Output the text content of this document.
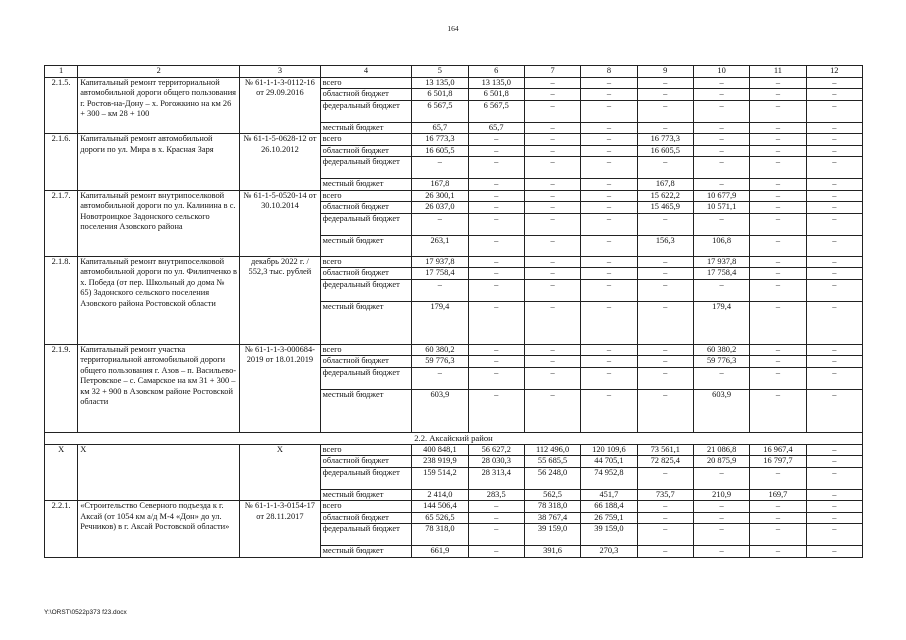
164
1	2	3	4	5	6	7	8	9	10	11	12
2.1.5.	Капитальный ремонт территориальной автомобильной дороги общего пользования г. Ростов-на-Дону – х. Рогожкино на км 26 + 300 – км 28 + 100	№ 61-1-1-3-0112-16 от 29.09.2016	всего	13 135,0	13 135,0	–	–	–	–	–	–
			областной бюджет	6 501,8	6 501,8	–	–	–	–	–	–
			федеральный бюджет	6 567,5	6 567,5	–	–	–	–	–	–
			местный бюджет	65,7	65,7	–	–	–	–	–	–
2.1.6.	Капитальный ремонт автомобильной дороги по ул. Мира в х. Красная Заря	№ 61-1-5-0628-12 от 26.10.2012	всего	16 773,3	–	–	–	16 773,3	–	–	–
			областной бюджет	16 605,5	–	–	–	16 605,5	–	–	–
			федеральный бюджет	–	–	–	–	–	–	–	–
			местный бюджет	167,8	–	–	–	167,8	–	–	–
2.1.7.	Капитальный ремонт внутрипоселковой автомобильной дороги по ул. Калинина в с. Новотроицкое Задонского сельского поселения Азовского района	№ 61-1-5-0520-14 от 30.10.2014	всего	26 300,1	–	–	–	15 622,2	10 677,9	–	–
			областной бюджет	26 037,0	–	–	–	15 465,9	10 571,1	–	–
			федеральный бюджет	–	–	–	–	–	–	–	–
			местный бюджет	263,1	–	–	–	156,3	106,8	–	–
2.1.8.	Капитальный ремонт внутрипоселковой автомобильной дороги по ул. Филипченко в х. Победа (от пер. Школьный до дома № 65) Задонского сельского поселения Азовского района Ростовской области	декабрь 2022 г. / 552,3 тыс. рублей	всего	17 937,8	–	–	–	–	17 937,8	–	–
			областной бюджет	17 758,4	–	–	–	–	17 758,4	–	–
			федеральный бюджет	–	–	–	–	–	–	–	–
			местный бюджет	179,4	–	–	–	–	179,4	–	–
2.1.9.	Капитальный ремонт участка территориальной автомобильной дороги общего пользования г. Азов – п. Васильево-Петровское – с. Самарское на км 31 + 300 – км 32 + 900 в Азовском районе Ростовской области	№ 61-1-1-3-000684-2019 от 18.01.2019	всего	60 380,2	–	–	–	–	60 380,2	–	–
			областной бюджет	59 776,3	–	–	–	–	59 776,3	–	–
			федеральный бюджет	–	–	–	–	–	–	–	–
			местный бюджет	603,9	–	–	–	–	603,9	–	–
2.2. Аксайский район											
Х	Х	Х	всего	400 848,1	56 627,2	112 496,0	120 109,6	73 561,1	21 086,8	16 967,4	–
			областной бюджет	238 919,9	28 030,3	55 685,5	44 705,1	72 825,4	20 875,9	16 797,7	–
			федеральный бюджет	159 514,2	28 313,4	56 248,0	74 952,8	–	–	–	–
			местный бюджет	2 414,0	283,5	562,5	451,7	735,7	210,9	169,7	–
2.2.1.	«Строительство Северного подъезда к г. Аксай (от 1054 км а/д М-4 «Дон» до ул. Речников) в г. Аксай Ростовской области»	№ 61-1-1-3-0154-17 от 28.11.2017	всего	144 506,4	–	78 318,0	66 188,4	–	–	–	–
			областной бюджет	65 526,5	–	38 767,4	26 759,1	–	–	–	–
			федеральный бюджет	78 318,0	–	39 159,0	39 159,0	–	–	–	–
			местный бюджет	661,9	–	391,6	270,3	–	–	–	–
Y:\ORST\0522p373 f23.docx
